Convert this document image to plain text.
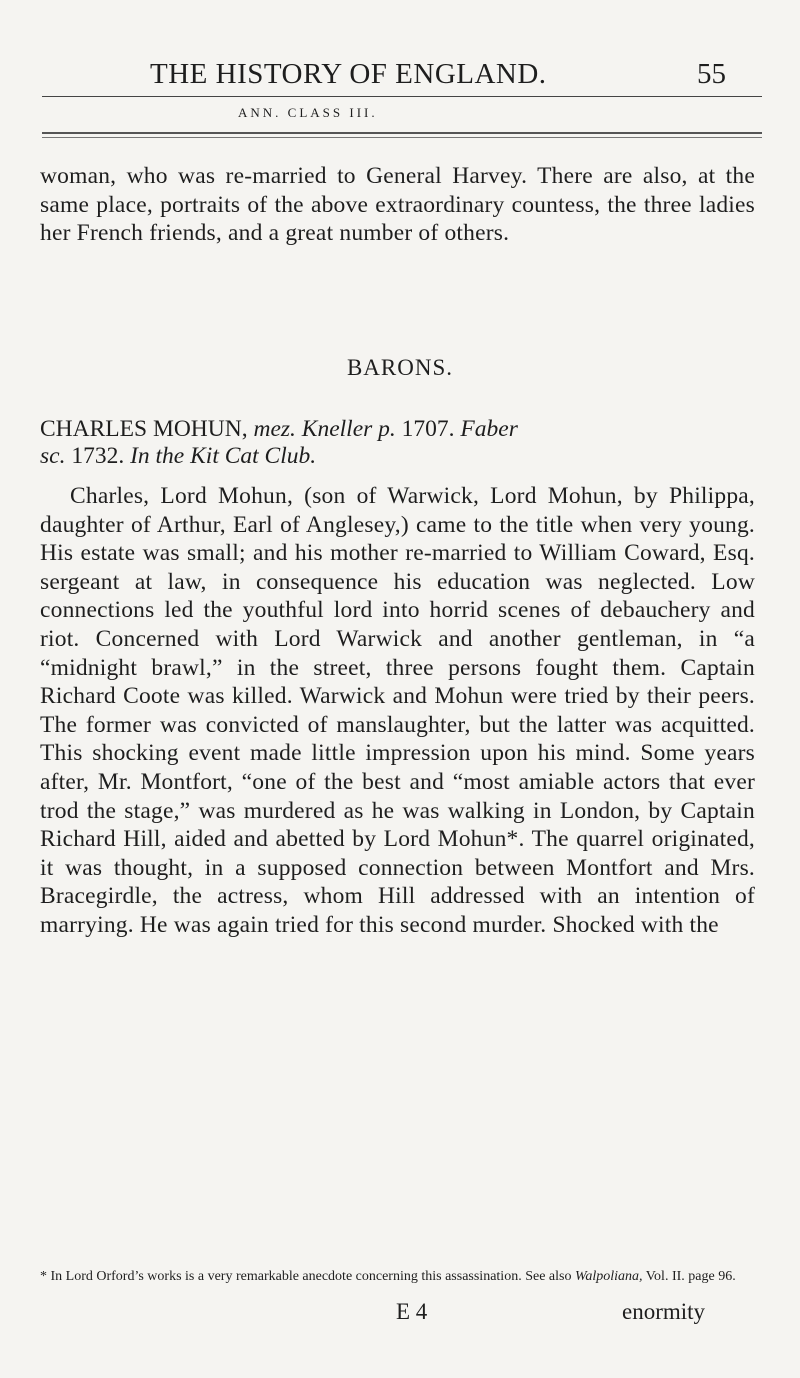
THE HISTORY OF ENGLAND.	55
ANN. CLASS III.

woman, who was re-married to General Harvey. There are also, at the same place, portraits of the above extraordinary countess, the three ladies her French friends, and a great number of others.

BARONS.
CHARLES MOHUN, mez. Kneller p. 1707. Faber
sc. 1732. In the Kit Cat Club.

Charles, Lord Mohun, (son of Warwick, Lord Mohun, by Philippa, daughter of Arthur, Earl of Anglesey,) came to the title when very young. His estate was small; and his mother re-married to William Coward, Esq. sergeant at law, in consequence his education was neglected. Low connections led the youthful lord into horrid scenes of debauchery and riot. Concerned with Lord Warwick and another gentleman, in “a “midnight brawl,” in the street, three persons fought them. Captain Richard Coote was killed. Warwick and Mohun were tried by their peers. The former was convicted of manslaughter, but the latter was acquitted. This shocking event made little impression upon his mind. Some years after, Mr. Montfort, “one of the best and “most amiable actors that ever trod the stage,” was murdered as he was walking in London, by Captain Richard Hill, aided and abetted by Lord Mohun*. The quarrel originated, it was thought, in a supposed connection between Montfort and Mrs. Bracegirdle, the actress, whom Hill addressed with an intention of marrying. He was again tried for this second murder. Shocked with the

* In Lord Orford’s works is a very remarkable anecdote concerning this assassination. See also Walpoliana, Vol. II. page 96.
E 4	enormity
